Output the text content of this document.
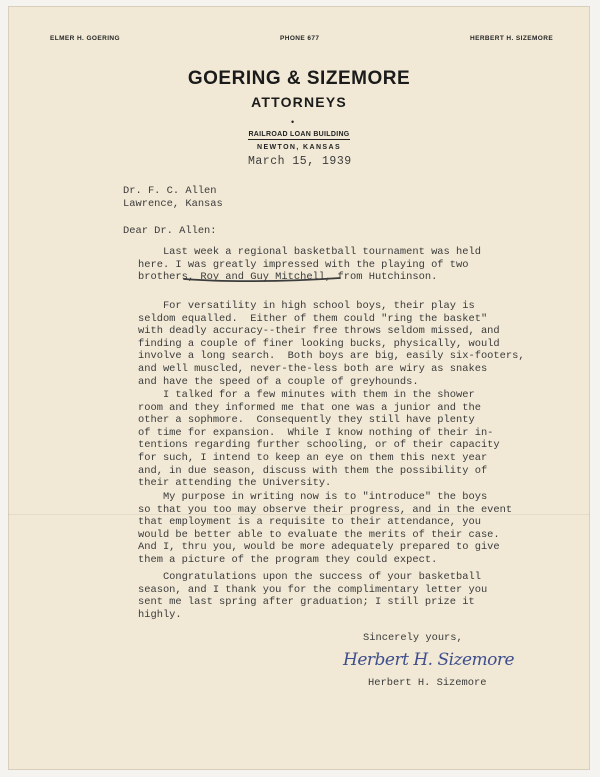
ELMER H. GOERING	PHONE 677	HERBERT H. SIZEMORE
GOERING & SIZEMORE
ATTORNEYS
•
RAILROAD LOAN BUILDING
NEWTON, KANSAS
March 15, 1939
Dr. F. C. Allen
Lawrence, Kansas
Dear Dr. Allen:
Last week a regional basketball tournament was held
here. I was greatly impressed with the playing of two
brothers, Roy and Guy Mitchell, from Hutchinson.
For versatility in high school boys, their play is
seldom equalled.  Either of them could "ring the basket"
with deadly accuracy--their free throws seldom missed, and
finding a couple of finer looking bucks, physically, would
involve a long search.  Both boys are big, easily six-footers,
and well muscled, never-the-less both are wiry as snakes
and have the speed of a couple of greyhounds.
I talked for a few minutes with them in the shower
room and they informed me that one was a junior and the
other a sophmore.  Consequently they still have plenty
of time for expansion.  While I know nothing of their in-
tentions regarding further schooling, or of their capacity
for such, I intend to keep an eye on them this next year
and, in due season, discuss with them the possibility of
their attending the University.
My purpose in writing now is to "introduce" the boys
so that you too may observe their progress, and in the event
that employment is a requisite to their attendance, you
would be better able to evaluate the merits of their case.
And I, thru you, would be more adequately prepared to give
them a picture of the program they could expect.
Congratulations upon the success of your basketball
season, and I thank you for the complimentary letter you
sent me last spring after graduation; I still prize it
highly.
Sincerely yours,
Herbert H. Sizemore
Herbert H. Sizemore
